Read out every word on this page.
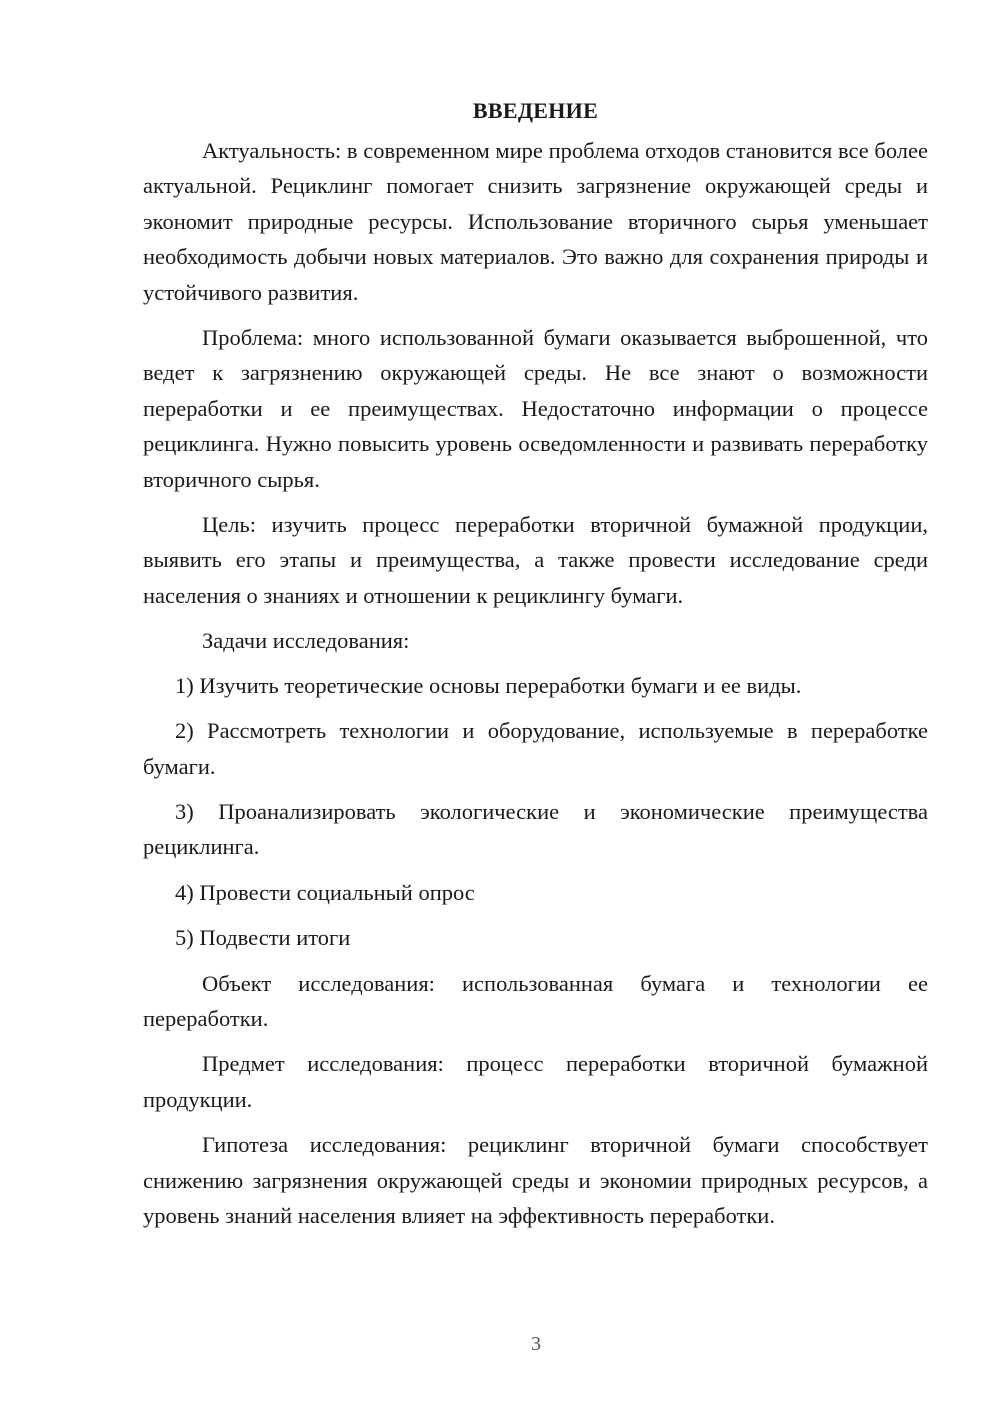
ВВЕДЕНИЕ

Актуальность: в современном мире проблема отходов становится все более актуальной. Рециклинг помогает снизить загрязнение окружающей среды и экономит природные ресурсы. Использование вторичного сырья уменьшает необходимость добычи новых материалов. Это важно для сохранения природы и устойчивого развития.

Проблема: много использованной бумаги оказывается выброшенной, что ведет к загрязнению окружающей среды. Не все знают о возможности переработки и ее преимуществах. Недостаточно информации о процессе рециклинга. Нужно повысить уровень осведомленности и развивать переработку вторичного сырья.

Цель: изучить процесс переработки вторичной бумажной продукции, выявить его этапы и преимущества, а также провести исследование среди населения о знаниях и отношении к рециклингу бумаги.

Задачи исследования:

1) Изучить теоретические основы переработки бумаги и ее виды.

2) Рассмотреть технологии и оборудование, используемые в переработке бумаги.

3) Проанализировать экологические и экономические преимущества рециклинга.

4) Провести социальный опрос

5) Подвести итоги

Объект исследования: использованная бумага и технологии ее переработки.

Предмет исследования: процесс переработки вторичной бумажной продукции.

Гипотеза исследования: рециклинг вторичной бумаги способствует снижению загрязнения окружающей среды и экономии природных ресурсов, а уровень знаний населения влияет на эффективность переработки.

3
